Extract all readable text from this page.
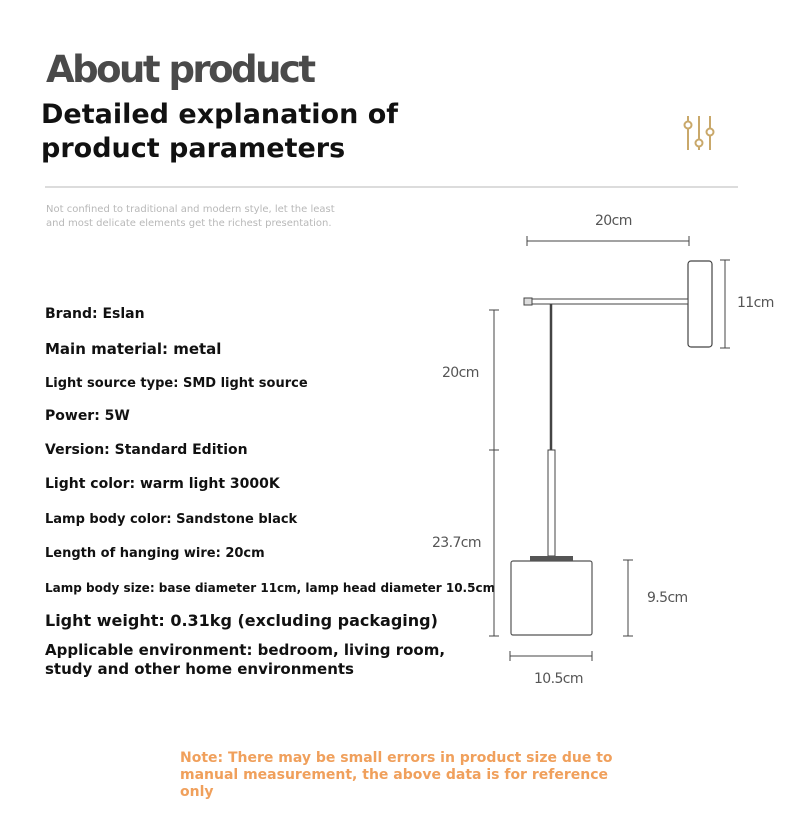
About product
Detailed explanation of product parameters

Not confined to traditional and modern style, let the least and most delicate elements get the richest presentation.

Brand: Eslan
Main material: metal
Light source type: SMD light source
Power: 5W
Version: Standard Edition
Light color: warm light 3000K
Lamp body color: Sandstone black
Length of hanging wire: 20cm
Lamp body size: base diameter 11cm, lamp head diameter 10.5cm
Light weight: 0.31kg (excluding packaging)
Applicable environment: bedroom, living room, study and other home environments
20cm
11cm
20cm
23.7cm
9.5cm
10.5cm

Note: There may be small errors in product size due to manual measurement, the above data is for reference only
